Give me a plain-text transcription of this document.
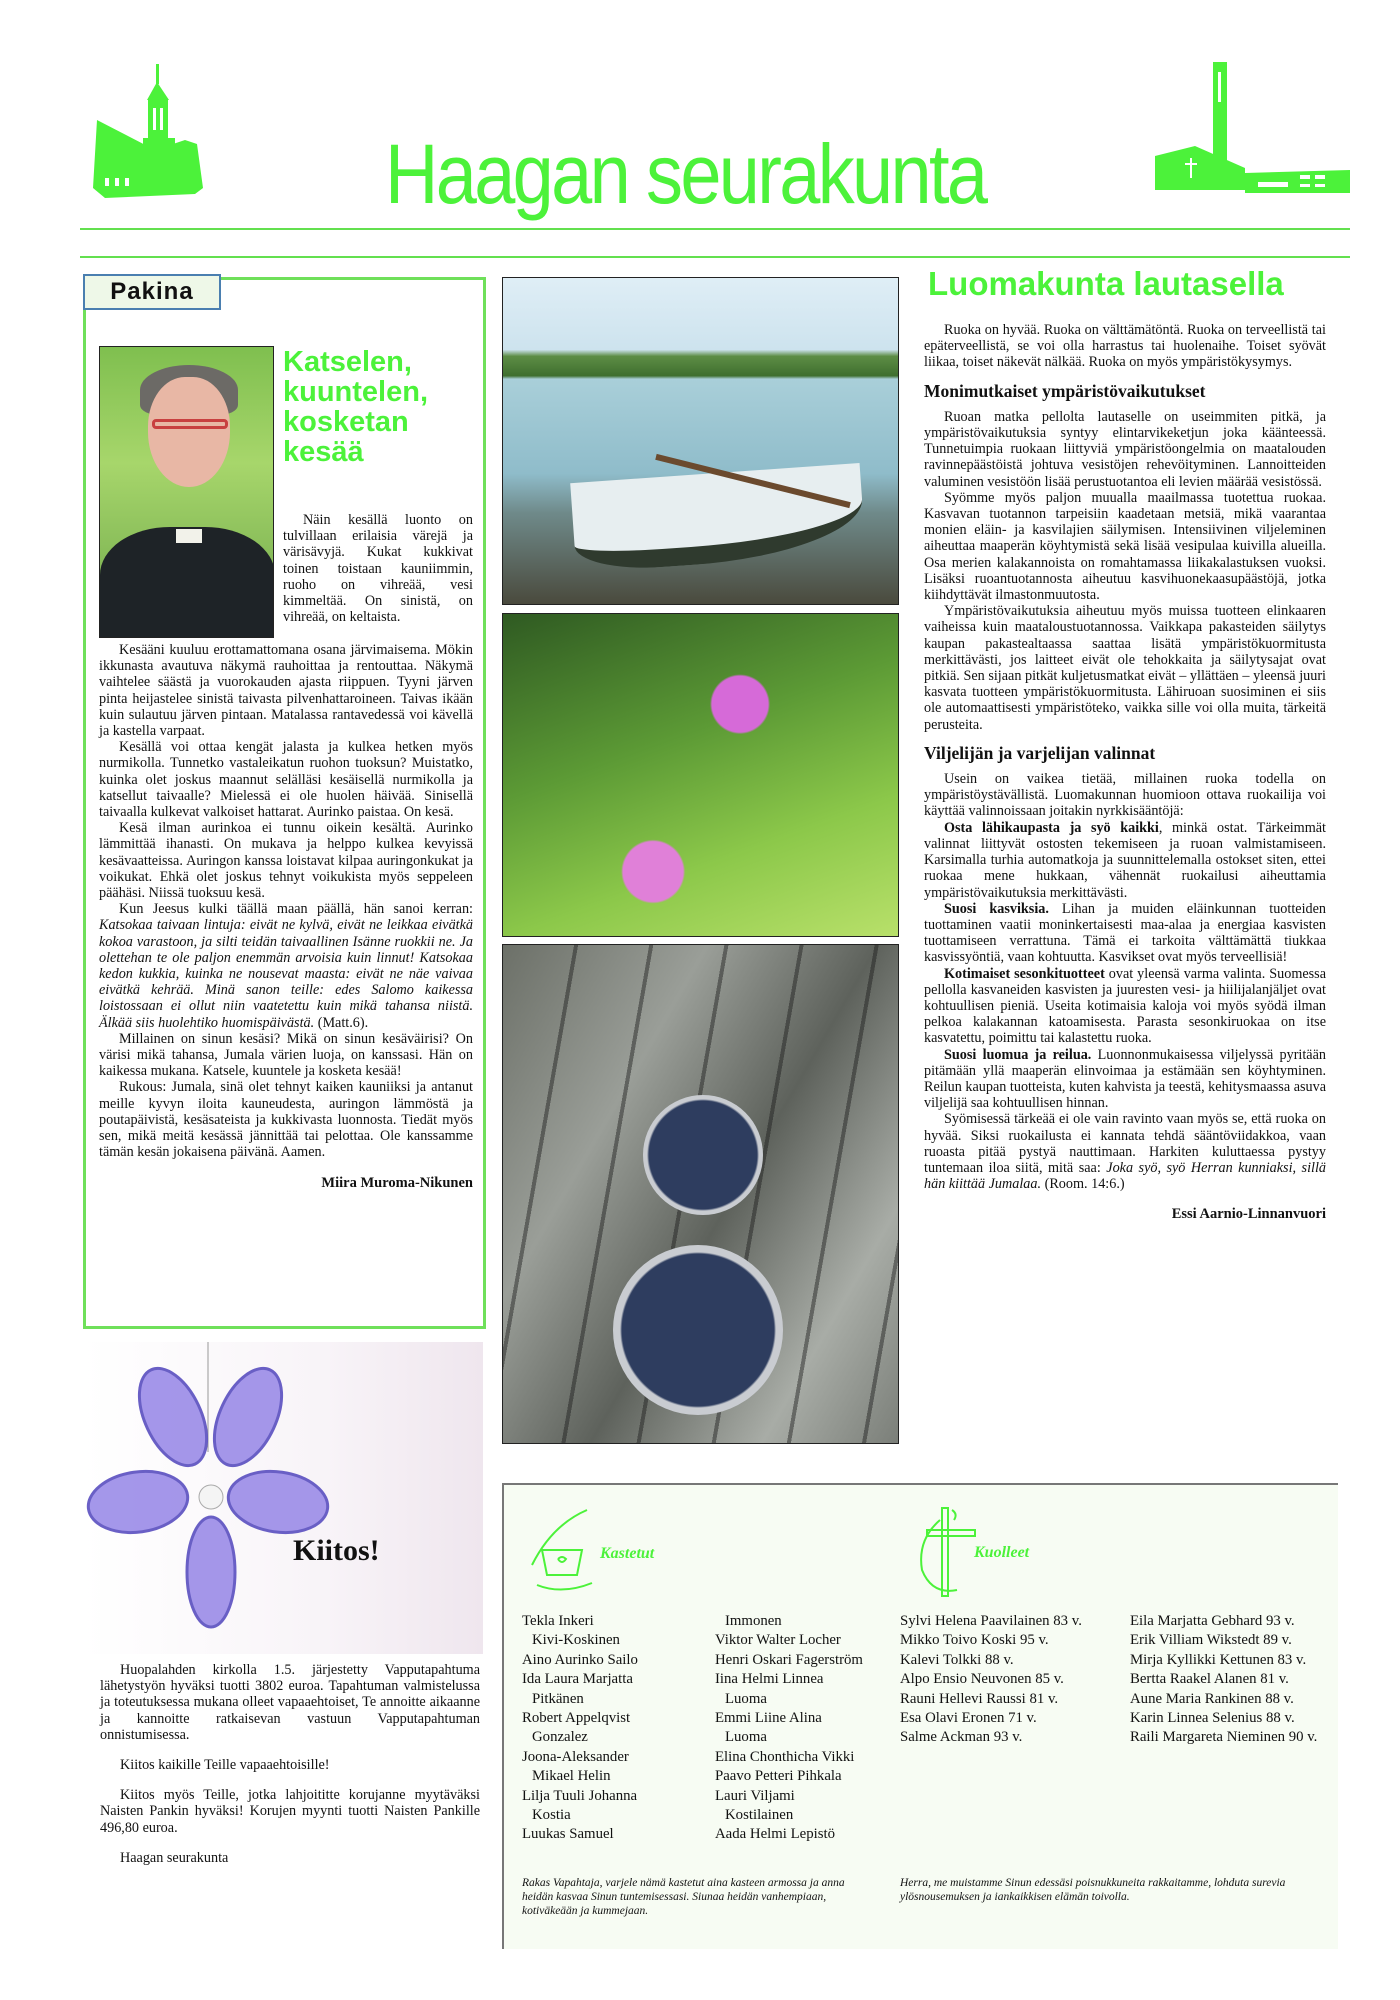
Haagan seurakunta
Pakina
Katselen, kuuntelen, kosketan kesää

Näin kesällä luonto on tulvillaan erilaisia värejä ja värisävyjä. Kukat kukkivat toinen toistaan kauniimmin, ruoho on vihreää, vesi kimmeltää. On sinistä, on vihreää, on keltaista.

Kesääni kuuluu erottamattomana osana järvimaisema. Mökin ikkunasta avautuva näkymä rauhoittaa ja rentouttaa. Näkymä vaihtelee säästä ja vuorokauden ajasta riippuen. Tyyni järven pinta heijastelee sinistä taivasta pilvenhattaroineen. Taivas ikään kuin sulautuu järven pintaan. Matalassa rantavedessä voi kävellä ja kastella varpaat.

Kesällä voi ottaa kengät jalasta ja kulkea hetken myös nurmikolla. Tunnetko vastaleikatun ruohon tuoksun? Muistatko, kuinka olet joskus maannut selälläsi kesäisellä nurmikolla ja katsellut taivaalle? Mielessä ei ole huolen häivää. Sinisellä taivaalla kulkevat valkoiset hattarat. Aurinko paistaa. On kesä.

Kesä ilman aurinkoa ei tunnu oikein kesältä. Aurinko lämmittää ihanasti. On mukava ja helppo kulkea kevyissä kesävaatteissa. Auringon kanssa loistavat kilpaa auringonkukat ja voikukat. Ehkä olet joskus tehnyt voikukista myös seppeleen päähäsi. Niissä tuoksuu kesä.

Kun Jeesus kulki täällä maan päällä, hän sanoi kerran: Katsokaa taivaan lintuja: eivät ne kylvä, eivät ne leikkaa eivätkä kokoa varastoon, ja silti teidän taivaallinen Isänne ruokkii ne. Ja olettehan te ole paljon enemmän arvoisia kuin linnut! Katsokaa kedon kukkia, kuinka ne nousevat maasta: eivät ne näe vaivaa eivätkä kehrää. Minä sanon teille: edes Salomo kaikessa loistossaan ei ollut niin vaatetettu kuin mikä tahansa niistä. Älkää siis huolehtiko huomispäivästä. (Matt.6).

Millainen on sinun kesäsi? Mikä on sinun kesäväirisi? On värisi mikä tahansa, Jumala värien luoja, on kanssasi. Hän on kaikessa mukana. Katsele, kuuntele ja kosketa kesää!

Rukous: Jumala, sinä olet tehnyt kaiken kauniiksi ja antanut meille kyvyn iloita kauneudesta, auringon lämmöstä ja poutapäivistä, kesäsateista ja kukkivasta luonnosta. Tiedät myös sen, mikä meitä kesässä jännittää tai pelottaa. Ole kanssamme tämän kesän jokaisena päivänä. Aamen.

Miira Muroma-Nikunen
Luomakunta lautasella

Ruoka on hyvää. Ruoka on välttämätöntä. Ruoka on terveellistä tai epäterveellistä, se voi olla harrastus tai huolenaihe. Toiset syövät liikaa, toiset näkevät nälkää. Ruoka on myös ympäristökysymys.

Monimutkaiset ympäristövaikutukset

Ruoan matka pellolta lautaselle on useimmiten pitkä, ja ympäristövaikutuksia syntyy elintarvikeketjun joka käänteessä. Tunnetuimpia ruokaan liittyviä ympäristöongelmia on maatalouden ravinnepäästöistä johtuva vesistöjen rehevöityminen. Lannoitteiden valuminen vesistöön lisää perustuotantoa eli levien määrää vesistössä.

Syömme myös paljon muualla maailmassa tuotettua ruokaa. Kasvavan tuotannon tarpeisiin kaadetaan metsiä, mikä vaarantaa monien eläin- ja kasvilajien säilymisen. Intensiivinen viljeleminen aiheuttaa maaperän köyhtymistä sekä lisää vesipulaa kuivilla alueilla. Osa merien kalakannoista on romahtamassa liikakalastuksen vuoksi. Lisäksi ruoantuotannosta aiheutuu kasvihuonekaasupäästöjä, jotka kiihdyttävät ilmastonmuutosta.

Ympäristövaikutuksia aiheutuu myös muissa tuotteen elinkaaren vaiheissa kuin maataloustuotannossa. Vaikkapa pakasteiden säilytys kaupan pakastealtaassa saattaa lisätä ympäristökuormitusta merkittävästi, jos laitteet eivät ole tehokkaita ja säilytysajat ovat pitkiä. Sen sijaan pitkät kuljetusmatkat eivät – yllättäen – yleensä juuri kasvata tuotteen ympäristökuormitusta. Lähiruoan suosiminen ei siis ole automaattisesti ympäristöteko, vaikka sille voi olla muita, tärkeitä perusteita.

Viljelijän ja varjelijan valinnat

Usein on vaikea tietää, millainen ruoka todella on ympäristöystävällistä. Luomakunnan huomioon ottava ruokailija voi käyttää valinnoissaan joitakin nyrkkisääntöjä:

Osta lähikaupasta ja syö kaikki, minkä ostat. Tärkeimmät valinnat liittyvät ostosten tekemiseen ja ruoan valmistamiseen. Karsimalla turhia automatkoja ja suunnittelemalla ostokset siten, ettei ruokaa mene hukkaan, vähennät ruokailusi aiheuttamia ympäristövaikutuksia merkittävästi.

Suosi kasviksia. Lihan ja muiden eläinkunnan tuotteiden tuottaminen vaatii moninkertaisesti maa-alaa ja energiaa kasvisten tuottamiseen verrattuna. Tämä ei tarkoita välttämättä tiukkaa kasvissyöntiä, vaan kohtuutta. Kasvikset ovat myös terveellisiä!

Kotimaiset sesonkituotteet ovat yleensä varma valinta. Suomessa pellolla kasvaneiden kasvisten ja juuresten vesi- ja hiilijalanjäljet ovat kohtuullisen pieniä. Useita kotimaisia kaloja voi myös syödä ilman pelkoa kalakannan katoamisesta. Parasta sesonkiruokaa on itse kasvatettu, poimittu tai kalastettu ruoka.

Suosi luomua ja reilua. Luonnonmukaisessa viljelyssä pyritään pitämään yllä maaperän elinvoimaa ja estämään sen köyhtyminen. Reilun kaupan tuotteista, kuten kahvista ja teestä, kehitysmaassa asuva viljelijä saa kohtuullisen hinnan.

Syömisessä tärkeää ei ole vain ravinto vaan myös se, että ruoka on hyvää. Siksi ruokailusta ei kannata tehdä sääntöviidakkoa, vaan ruoasta pitää pystyä nauttimaan. Harkiten kuluttaessa pystyy tuntemaan iloa siitä, mitä saa: Joka syö, syö Herran kunniaksi, sillä hän kiittää Jumalaa. (Room. 14:6.)

Essi Aarnio-Linnanvuori
Kiitos!

Huopalahden kirkolla 1.5. järjestetty Vapputapahtuma lähetystyön hyväksi tuotti 3802 euroa. Tapahtuman valmistelussa ja toteutuksessa mukana olleet vapaaehtoiset, Te annoitte aikaanne ja kannoitte ratkaisevan vastuun Vapputapahtuman onnistumisessa.

Kiitos kaikille Teille vapaaehtoisille!

Kiitos myös Teille, jotka lahjoititte korujanne myytäväksi Naisten Pankin hyväksi! Korujen myynti tuotti Naisten Pankille 496,80 euroa.

Haagan seurakunta

Kastetut
Tekla Inkeri
Kivi-Koskinen
Aino Aurinko Sailo
Ida Laura Marjatta
Pitkänen
Robert Appelqvist
Gonzalez
Joona-Aleksander
Mikael Helin
Lilja Tuuli Johanna
Kostia
Luukas Samuel
Immonen
Viktor Walter Locher
Henri Oskari Fagerström
Iina Helmi Linnea
Luoma
Emmi Liine Alina
Luoma
Elina Chonthicha Vikki
Paavo Petteri Pihkala
Lauri Viljami
Kostilainen
Aada Helmi Lepistö
Kuolleet
Sylvi Helena Paavilainen 83 v.
Mikko Toivo Koski 95 v.
Kalevi Tolkki 88 v.
Alpo Ensio Neuvonen 85 v.
Rauni Hellevi Raussi 81 v.
Esa Olavi Eronen 71 v.
Salme Ackman 93 v.
Eila Marjatta Gebhard 93 v.
Erik Villiam Wikstedt 89 v.
Mirja Kyllikki Kettunen 83 v.
Bertta Raakel Alanen 81 v.
Aune Maria Rankinen 88 v.
Karin Linnea Selenius 88 v.
Raili Margareta Nieminen 90 v.
Rakas Vapahtaja, varjele nämä kastetut aina kasteen armossa ja anna heidän kasvaa Sinun tuntemisessasi. Siunaa heidän vanhempiaan, kotiväkeään ja kummejaan.
Herra, me muistamme Sinun edessäsi poisnukkuneita rakkaitamme, lohduta surevia ylösnousemuksen ja iankaikkisen elämän toivolla.
